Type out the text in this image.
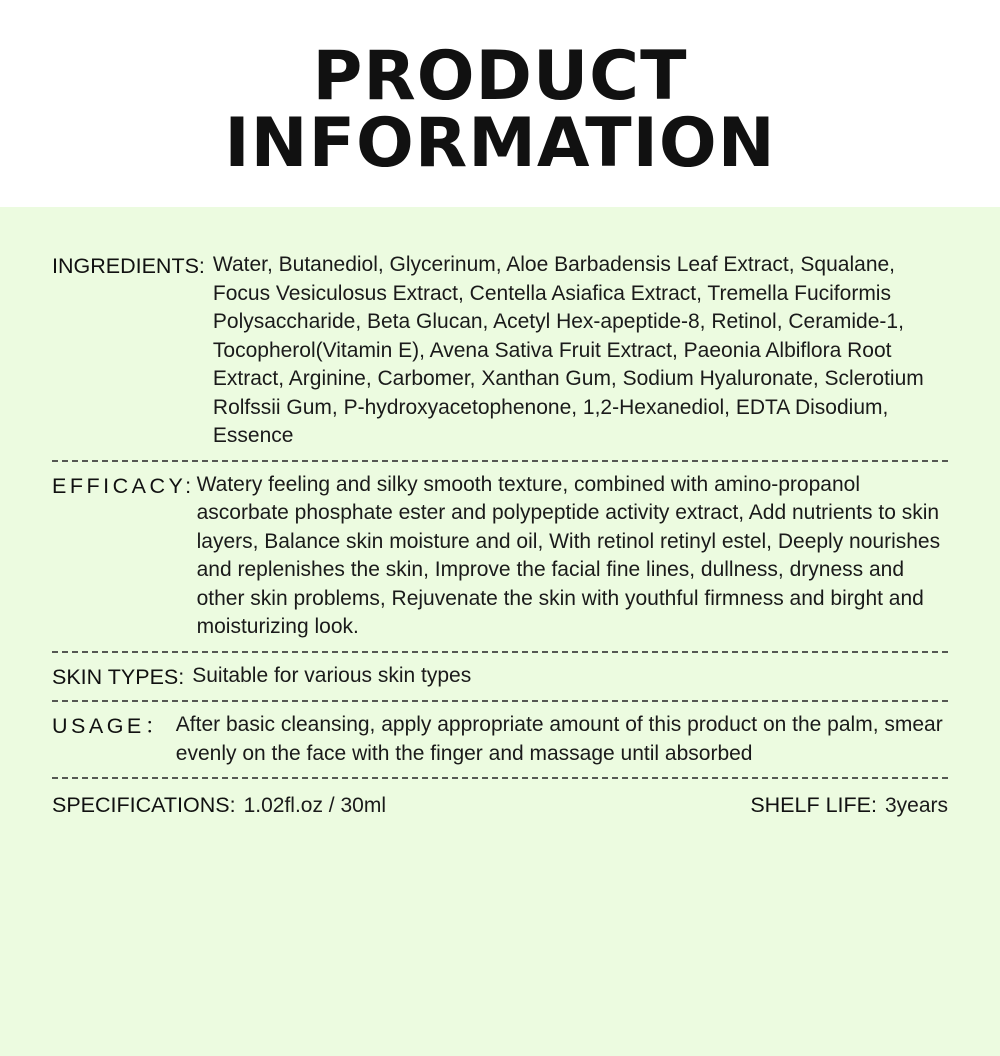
PRODUCT
INFORMATION
INGREDIENTS: Water, Butanediol, Glycerinum, Aloe Barbadensis Leaf Extract, Squalane, Focus Vesiculosus Extract, Centella Asiafica Extract, Tremella Fuciformis Polysaccharide, Beta Glucan, Acetyl Hex-apeptide-8, Retinol, Ceramide-1, Tocopherol(Vitamin E), Avena Sativa Fruit Extract, Paeonia Albiflora Root Extract, Arginine, Carbomer, Xanthan Gum, Sodium Hyaluronate, Sclerotium Rolfssii Gum, P-hydroxyacetophenone, 1,2-Hexanediol, EDTA Disodium, Essence
EFFICACY: Watery feeling and silky smooth texture, combined with amino-propanol ascorbate phosphate ester and polypeptide activity extract, Add nutrients to skin layers, Balance skin moisture and oil, With retinol retinyl estel, Deeply nourishes and replenishes the skin, Improve the facial fine lines, dullness, dryness and other skin problems, Rejuvenate the skin with youthful firmness and birght and moisturizing look.
SKIN TYPES: Suitable for various skin types
USAGE： After basic cleansing, apply appropriate amount of this product on the palm, smear evenly on the face with the finger and massage until absorbed
SPECIFICATIONS: 1.02fl.oz / 30ml	SHELF LIFE: 3years
